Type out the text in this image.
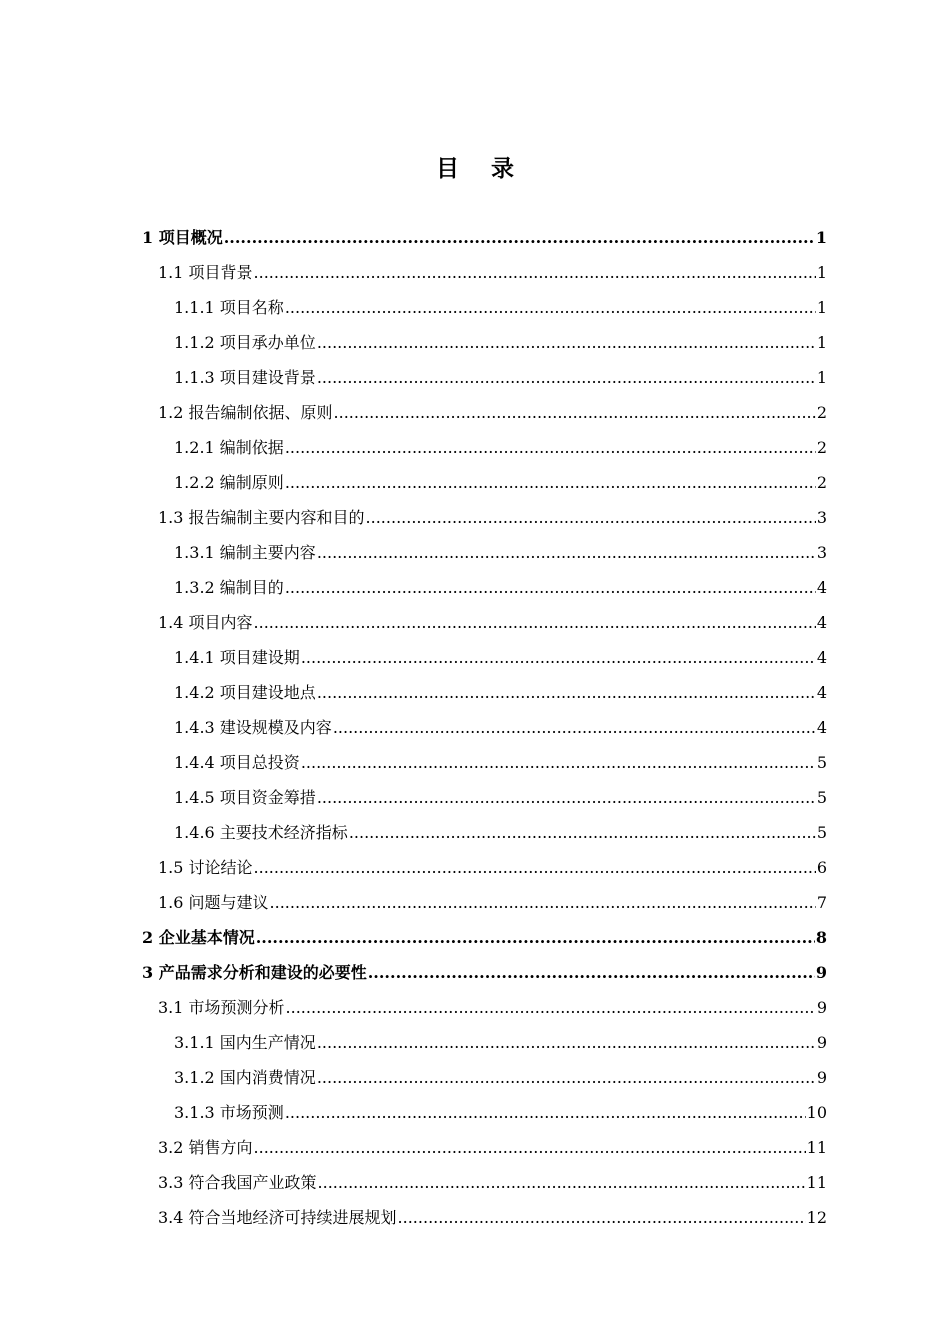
目 录
1 项目概况 .....	1
1.1 项目背景 .....	1
1.1.1 项目名称 .....	1
1.1.2 项目承办单位 .....	1
1.1.3 项目建设背景 .....	1
1.2 报告编制依据、原则 .....	2
1.2.1 编制依据 .....	2
1.2.2 编制原则 .....	2
1.3 报告编制主要内容和目的 .....	3
1.3.1 编制主要内容 .....	3
1.3.2 编制目的 .....	4
1.4 项目内容 .....	4
1.4.1 项目建设期 .....	4
1.4.2 项目建设地点 .....	4
1.4.3 建设规模及内容 .....	4
1.4.4 项目总投资 .....	5
1.4.5 项目资金筹措 .....	5
1.4.6 主要技术经济指标 .....	5
1.5 讨论结论 .....	6
1.6 问题与建议 .....	7
2 企业基本情况 .....	8
3 产品需求分析和建设的必要性 .....	9
3.1 市场预测分析 .....	9
3.1.1 国内生产情况 .....	9
3.1.2 国内消费情况 .....	9
3.1.3 市场预测 .....	10
3.2 销售方向 .....	11
3.3 符合我国产业政策 .....	11
3.4 符合当地经济可持续进展规划 .....	12
